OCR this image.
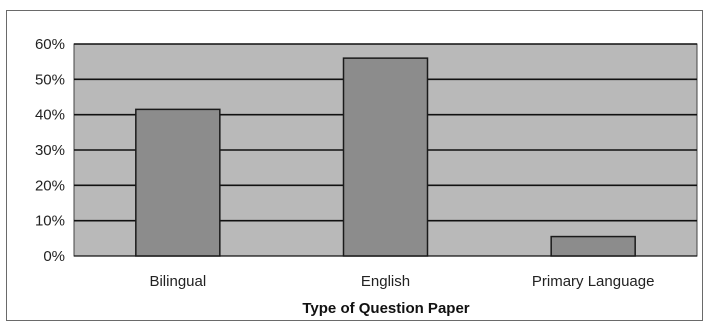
0%
10%
20%
30%
40%
50%
60%
Bilingual	English	Primary Language
Type of Question Paper
